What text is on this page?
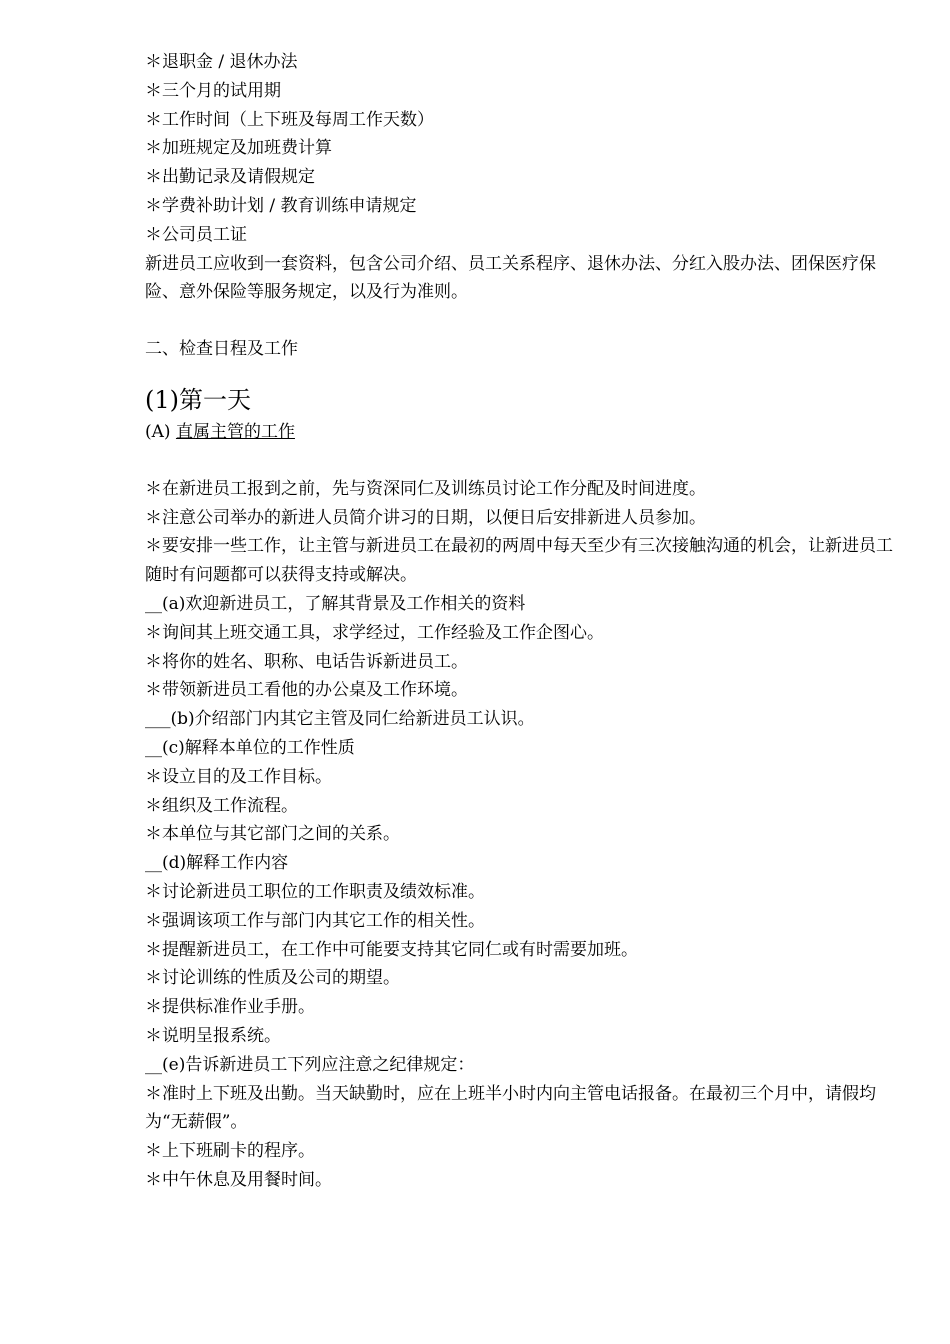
＊退职金 / 退休办法

＊三个月的试用期

＊工作时间（上下班及每周工作天数）

＊加班规定及加班费计算

＊出勤记录及请假规定

＊学费补助计划 / 教育训练申请规定

＊公司员工证

新进员工应收到一套资料，包含公司介绍、员工关系程序、退休办法、分红入股办法、团保医疗保险、意外保险等服务规定，以及行为准则。

二、检查日程及工作

(1)第一天

(A) 直属主管的工作

＊在新进员工报到之前，先与资深同仁及训练员讨论工作分配及时间进度。

＊注意公司举办的新进人员简介讲习的日期，以便日后安排新进人员参加。

＊要安排一些工作，让主管与新进员工在最初的两周中每天至少有三次接触沟通的机会，让新进员工随时有问题都可以获得支持或解决。

__(a)欢迎新进员工，了解其背景及工作相关的资料

＊询间其上班交通工具，求学经过，工作经验及工作企图心。

＊将你的姓名、职称、电话告诉新进员工。

＊带领新进员工看他的办公桌及工作环境。

___(b)介绍部门内其它主管及同仁给新进员工认识。

__(c)解释本单位的工作性质

＊设立目的及工作目标。

＊组织及工作流程。

＊本单位与其它部门之间的关系。

__(d)解释工作内容

＊讨论新进员工职位的工作职责及绩效标准。

＊强调该项工作与部门内其它工作的相关性。

＊提醒新进员工，在工作中可能要支持其它同仁或有时需要加班。

＊讨论训练的性质及公司的期望。

＊提供标准作业手册。

＊说明呈报系统。

__(e)告诉新进员工下列应注意之纪律规定：

＊准时上下班及出勤。当天缺勤时，应在上班半小时内向主管电话报备。在最初三个月中，请假均为“无薪假”。

＊上下班刷卡的程序。

＊中午休息及用餐时间。
